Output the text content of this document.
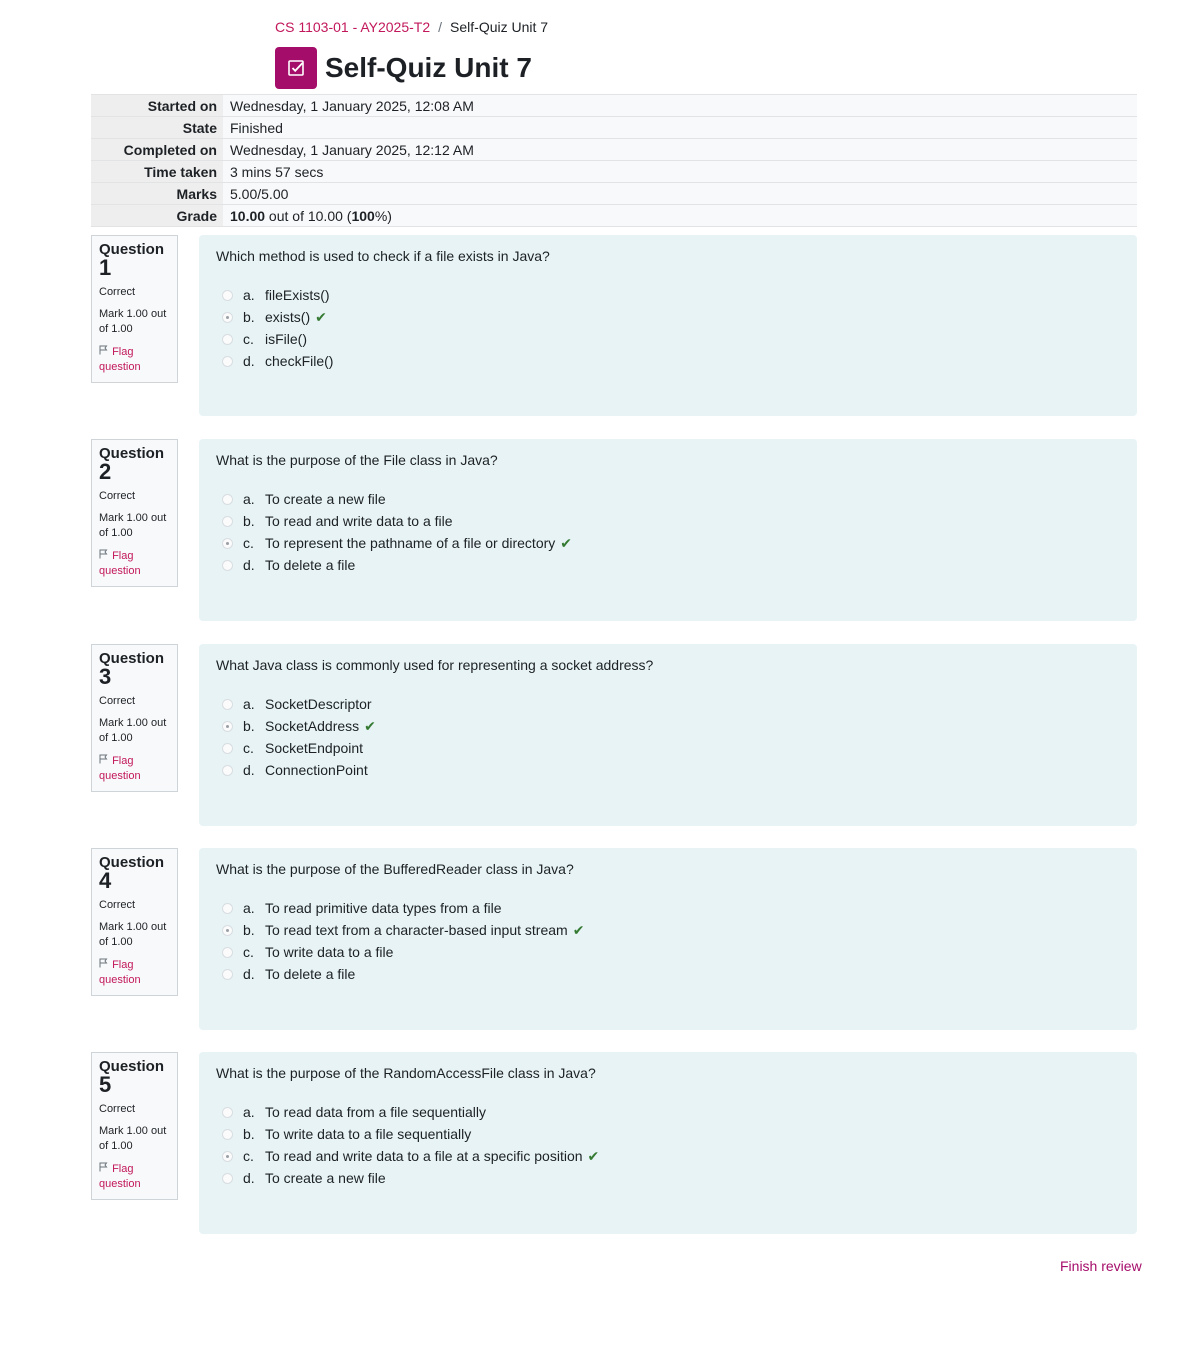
CS 1103-01 - AY2025-T2 / Self-Quiz Unit 7
Self-Quiz Unit 7
Started on	Wednesday, 1 January 2025, 12:08 AM
State	Finished
Completed on	Wednesday, 1 January 2025, 12:12 AM
Time taken	3 mins 57 secs
Marks	5.00/5.00
Grade	10.00 out of 10.00 (100%)
Question
1
Correct
Mark 1.00 out of 1.00
Flag question
Which method is used to check if a file exists in Java?
a. fileExists()
b. exists() ✔
c. isFile()
d. checkFile()
Question
2
Correct
Mark 1.00 out of 1.00
Flag question
What is the purpose of the File class in Java?
a. To create a new file
b. To read and write data to a file
c. To represent the pathname of a file or directory ✔
d. To delete a file
Question
3
Correct
Mark 1.00 out of 1.00
Flag question
What Java class is commonly used for representing a socket address?
a. SocketDescriptor
b. SocketAddress ✔
c. SocketEndpoint
d. ConnectionPoint
Question
4
Correct
Mark 1.00 out of 1.00
Flag question
What is the purpose of the BufferedReader class in Java?
a. To read primitive data types from a file
b. To read text from a character-based input stream ✔
c. To write data to a file
d. To delete a file
Question
5
Correct
Mark 1.00 out of 1.00
Flag question
What is the purpose of the RandomAccessFile class in Java?
a. To read data from a file sequentially
b. To write data to a file sequentially
c. To read and write data to a file at a specific position ✔
d. To create a new file
Finish review
